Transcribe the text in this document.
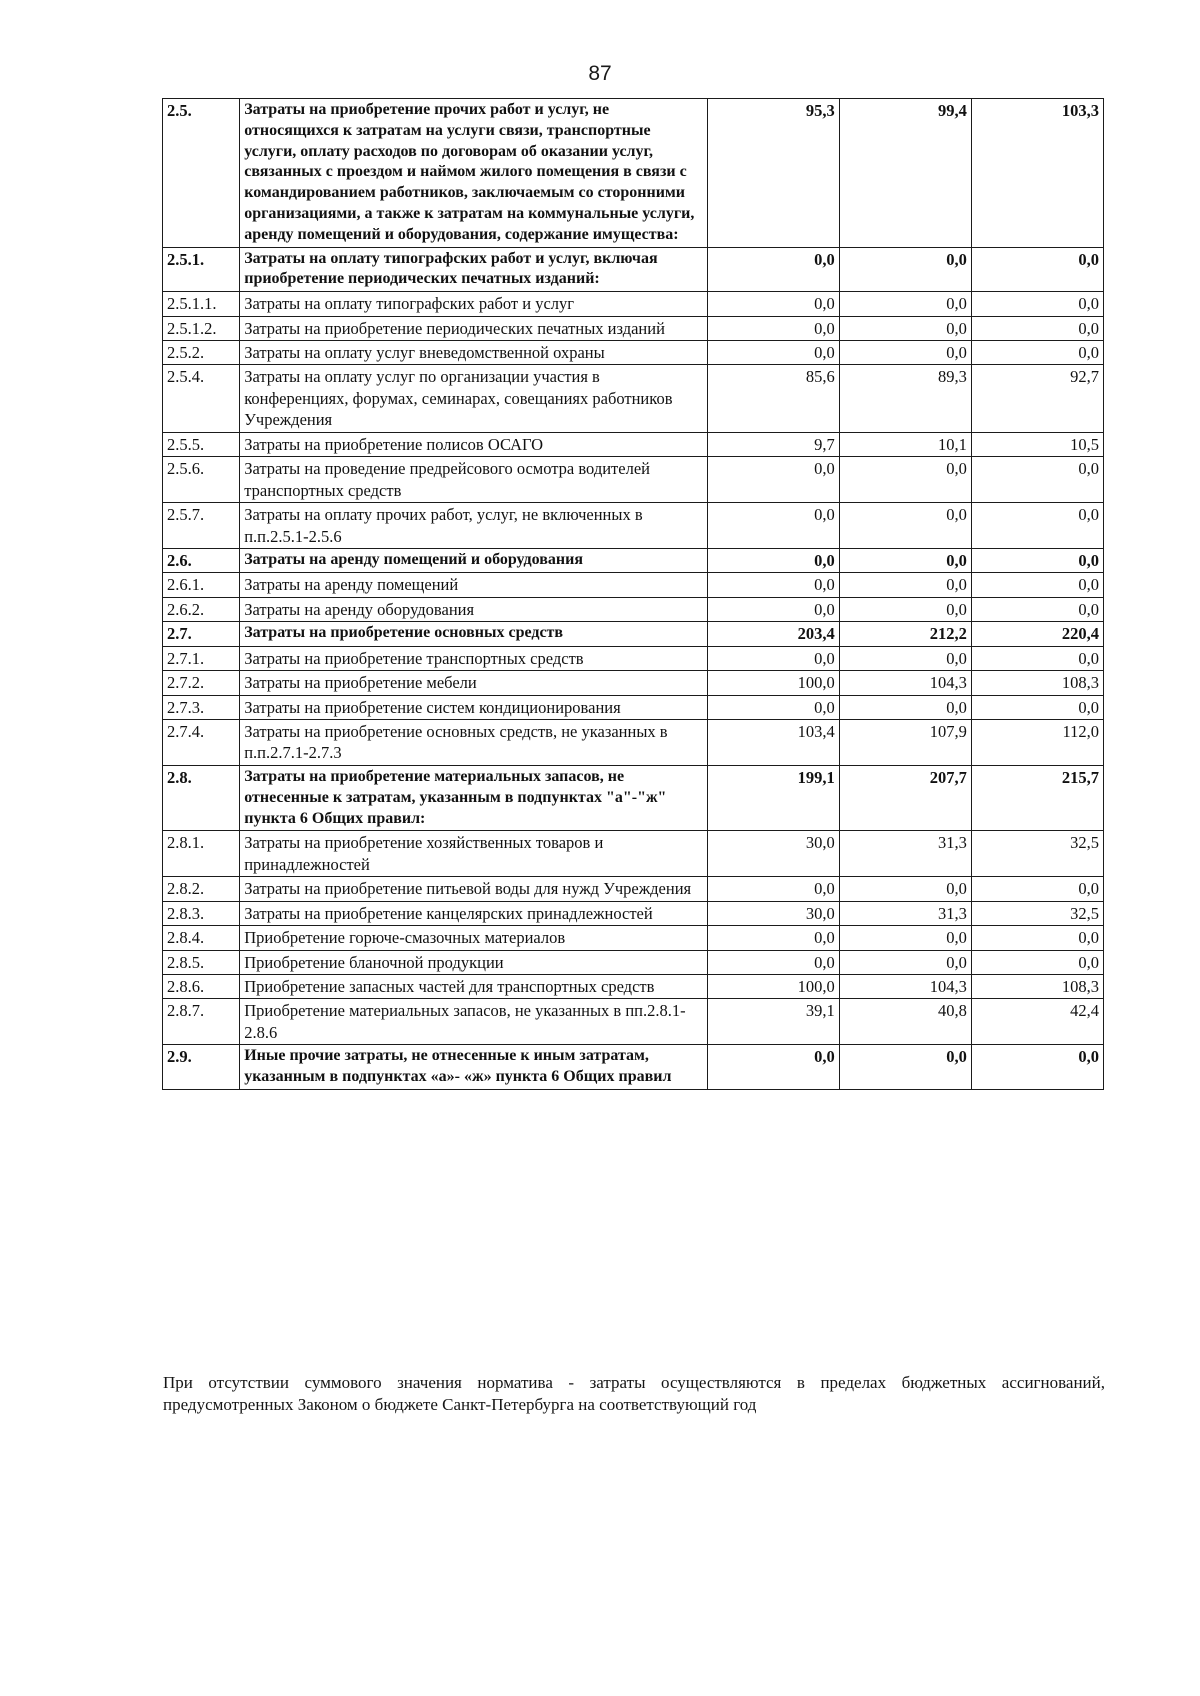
87
2.5.	Затраты на приобретение прочих работ и услуг, не относящихся к затратам на услуги связи, транспортные услуги, оплату расходов по договорам об оказании услуг, связанных с проездом и наймом жилого помещения в связи с командированием работников, заключаемым со сторонними организациями, а также к затратам на коммунальные услуги, аренду помещений и оборудования, содержание имущества:	95,3	99,4	103,3
2.5.1.	Затраты на оплату типографских работ и услуг, включая приобретение периодических печатных изданий:	0,0	0,0	0,0
2.5.1.1.	Затраты на оплату типографских работ и услуг	0,0	0,0	0,0
2.5.1.2.	Затраты на приобретение периодических печатных изданий	0,0	0,0	0,0
2.5.2.	Затраты на оплату услуг вневедомственной охраны	0,0	0,0	0,0
2.5.4.	Затраты на оплату услуг по организации участия в конференциях, форумах, семинарах, совещаниях работников Учреждения	85,6	89,3	92,7
2.5.5.	Затраты на приобретение полисов ОСАГО	9,7	10,1	10,5
2.5.6.	Затраты на проведение предрейсового осмотра водителей транспортных средств	0,0	0,0	0,0
2.5.7.	Затраты на оплату прочих работ, услуг, не включенных в п.п.2.5.1-2.5.6	0,0	0,0	0,0
2.6.	Затраты на аренду помещений и оборудования	0,0	0,0	0,0
2.6.1.	Затраты на аренду помещений	0,0	0,0	0,0
2.6.2.	Затраты на аренду оборудования	0,0	0,0	0,0
2.7.	Затраты на приобретение основных средств	203,4	212,2	220,4
2.7.1.	Затраты на приобретение транспортных средств	0,0	0,0	0,0
2.7.2.	Затраты на приобретение мебели	100,0	104,3	108,3
2.7.3.	Затраты на приобретение систем кондиционирования	0,0	0,0	0,0
2.7.4.	Затраты на приобретение основных средств, не указанных в п.п.2.7.1-2.7.3	103,4	107,9	112,0
2.8.	Затраты на приобретение материальных запасов, не отнесенные к затратам, указанным в подпунктах "а"-"ж" пункта 6 Общих правил:	199,1	207,7	215,7
2.8.1.	Затраты на приобретение хозяйственных товаров и принадлежностей	30,0	31,3	32,5
2.8.2.	Затраты на приобретение питьевой воды для нужд Учреждения	0,0	0,0	0,0
2.8.3.	Затраты на приобретение канцелярских принадлежностей	30,0	31,3	32,5
2.8.4.	Приобретение горюче-смазочных материалов	0,0	0,0	0,0
2.8.5.	Приобретение бланочной продукции	0,0	0,0	0,0
2.8.6.	Приобретение запасных частей для транспортных средств	100,0	104,3	108,3
2.8.7.	Приобретение материальных запасов, не указанных в пп.2.8.1-2.8.6	39,1	40,8	42,4
2.9.	Иные прочие затраты, не отнесенные к иным затратам, указанным в подпунктах «а»- «ж» пункта 6 Общих правил	0,0	0,0	0,0
При отсутствии суммового значения норматива - затраты осуществляются в пределах бюджетных ассигнований, предусмотренных Законом о бюджете Санкт-Петербурга на соответствующий год
